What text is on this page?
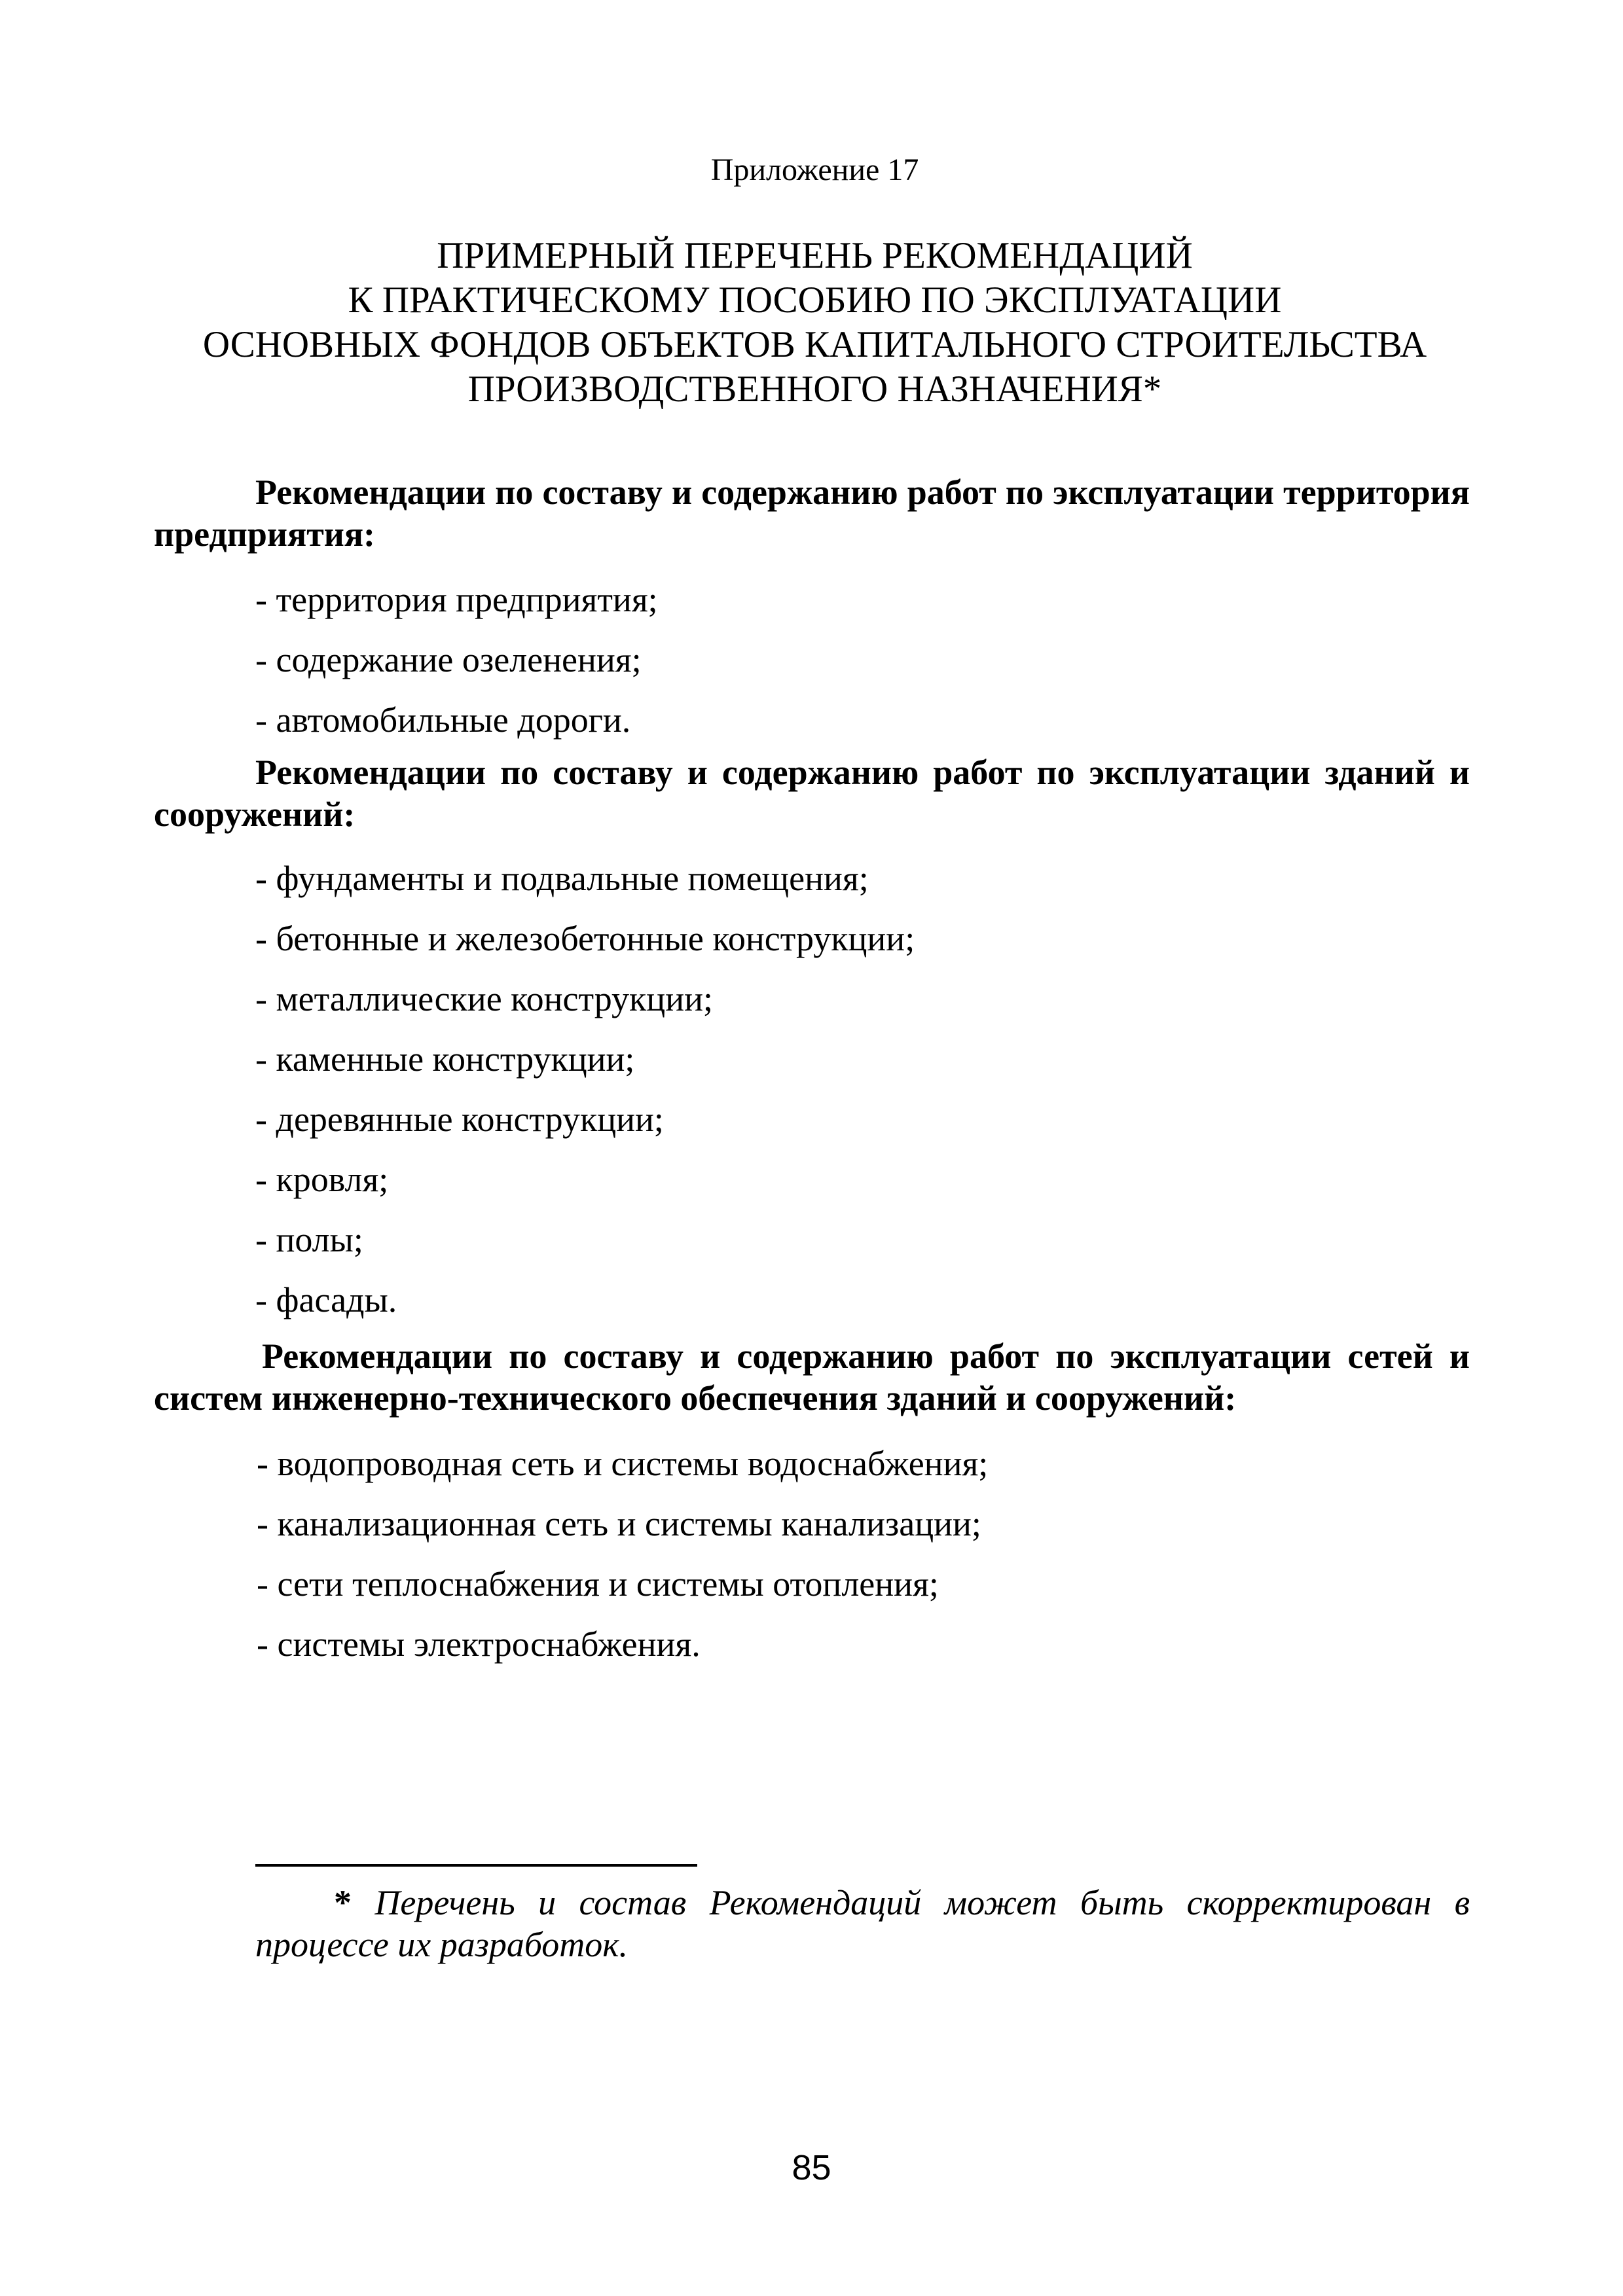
Приложение 17
ПРИМЕРНЫЙ ПЕРЕЧЕНЬ РЕКОМЕНДАЦИЙ
К ПРАКТИЧЕСКОМУ ПОСОБИЮ ПО ЭКСПЛУАТАЦИИ
ОСНОВНЫХ ФОНДОВ ОБЪЕКТОВ КАПИТАЛЬНОГО СТРОИТЕЛЬСТВА
ПРОИЗВОДСТВЕННОГО НАЗНАЧЕНИЯ*
Рекомендации по составу и содержанию работ по эксплуатации территория предприятия:
- территория предприятия;
- содержание озеленения;
- автомобильные дороги.
Рекомендации по составу и содержанию работ по эксплуатации зданий и сооружений:
- фундаменты и подвальные помещения;
- бетонные и железобетонные конструкции;
- металлические конструкции;
- каменные конструкции;
- деревянные конструкции;
- кровля;
- полы;
- фасады.
Рекомендации по составу и содержанию работ по эксплуатации сетей и систем инженерно-технического обеспечения зданий и сооружений:
- водопроводная сеть и системы водоснабжения;
- канализационная сеть и системы канализации;
- сети теплоснабжения и системы отопления;
- системы электроснабжения.
* Перечень и состав Рекомендаций может быть скорректирован в процессе их разработок.
85
